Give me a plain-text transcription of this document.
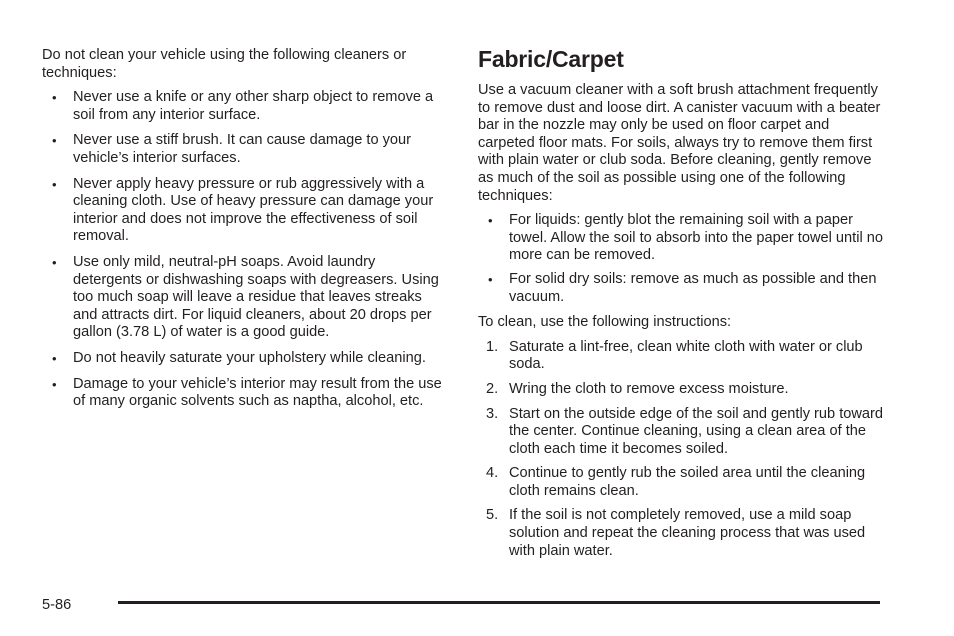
Do not clean your vehicle using the following cleaners or techniques:

• Never use a knife or any other sharp object to remove a soil from any interior surface.
• Never use a stiff brush. It can cause damage to your vehicle’s interior surfaces.
• Never apply heavy pressure or rub aggressively with a cleaning cloth. Use of heavy pressure can damage your interior and does not improve the effectiveness of soil removal.
• Use only mild, neutral-pH soaps. Avoid laundry detergents or dishwashing soaps with degreasers. Using too much soap will leave a residue that leaves streaks and attracts dirt. For liquid cleaners, about 20 drops per gallon (3.78 L) of water is a good guide.
• Do not heavily saturate your upholstery while cleaning.
• Damage to your vehicle’s interior may result from the use of many organic solvents such as naptha, alcohol, etc.
Fabric/Carpet

Use a vacuum cleaner with a soft brush attachment frequently to remove dust and loose dirt. A canister vacuum with a beater bar in the nozzle may only be used on floor carpet and carpeted floor mats. For soils, always try to remove them first with plain water or club soda. Before cleaning, gently remove as much of the soil as possible using one of the following techniques:

• For liquids: gently blot the remaining soil with a paper towel. Allow the soil to absorb into the paper towel until no more can be removed.
• For solid dry soils: remove as much as possible and then vacuum.

To clean, use the following instructions:

1. Saturate a lint-free, clean white cloth with water or club soda.
2. Wring the cloth to remove excess moisture.
3. Start on the outside edge of the soil and gently rub toward the center. Continue cleaning, using a clean area of the cloth each time it becomes soiled.
4. Continue to gently rub the soiled area until the cleaning cloth remains clean.
5. If the soil is not completely removed, use a mild soap solution and repeat the cleaning process that was used with plain water.
5-86
